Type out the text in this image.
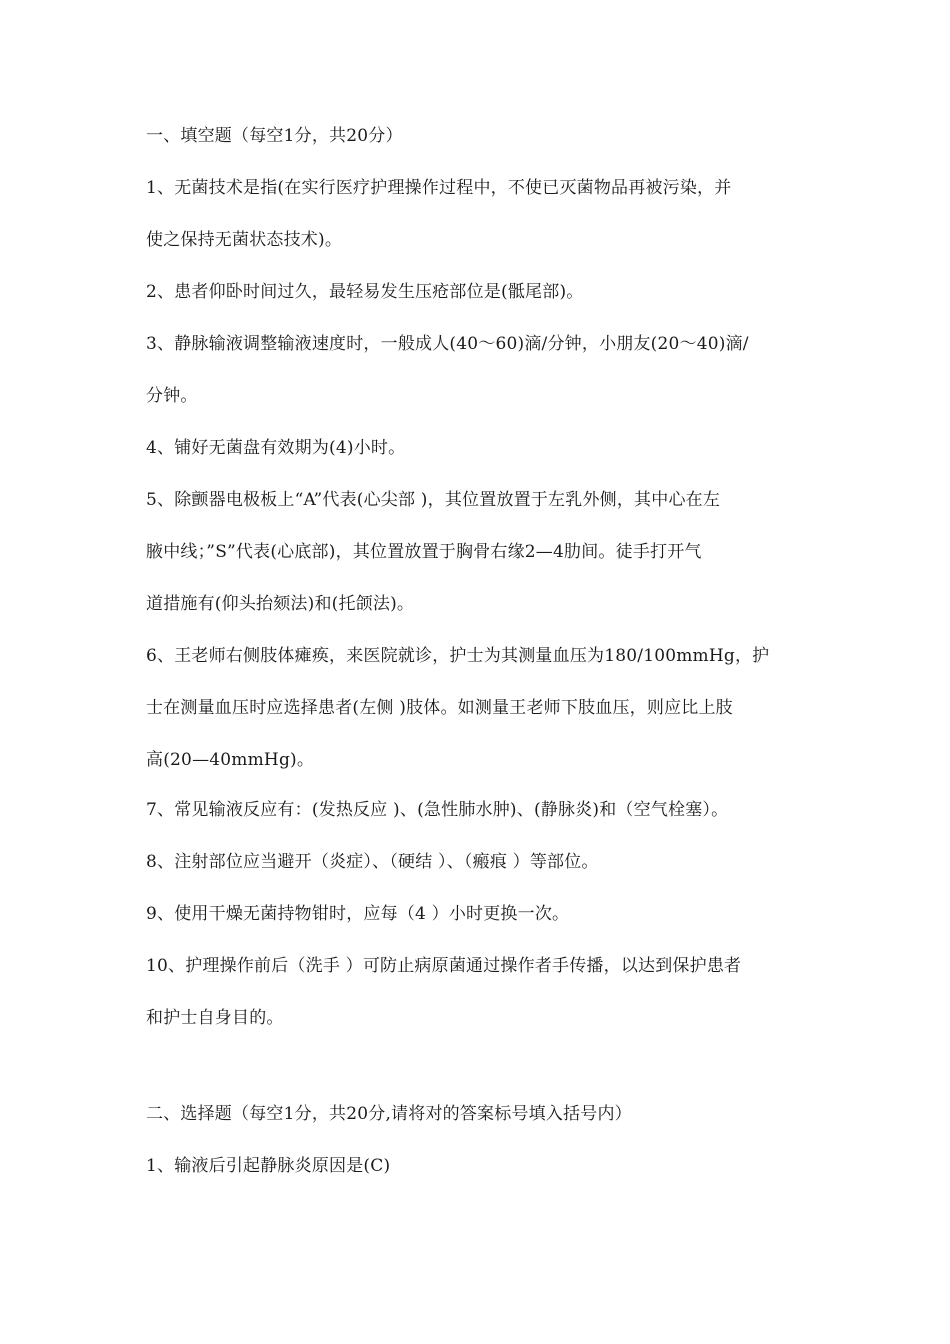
一、填空题（每空1分，共20分）
1、无菌技术是指(在实行医疗护理操作过程中，不使已灭菌物品再被污染，并
使之保持无菌状态技术)。
2、患者仰卧时间过久，最轻易发生压疮部位是(骶尾部)。
3、静脉输液调整输液速度时，一般成人(40～60)滴/分钟，小朋友(20～40)滴/
分钟。
4、铺好无菌盘有效期为(4)小时。
5、除颤器电极板上“A”代表(心尖部 )，其位置放置于左乳外侧，其中心在左
腋中线；”S”代表(心底部)，其位置放置于胸骨右缘2—4肋间。徒手打开气
道措施有(仰头抬颏法)和(托颌法)。
6、王老师右侧肢体瘫痪，来医院就诊，护士为其测量血压为180/100mmHg，护
士在测量血压时应选择患者(左侧 )肢体。如测量王老师下肢血压，则应比上肢
高(20—40mmHg)。
7、常见输液反应有：(发热反应 )、(急性肺水肿)、(静脉炎)和（空气栓塞）。
8、注射部位应当避开（炎症）、（硬结 ）、（瘢痕 ）等部位。
9、使用干燥无菌持物钳时，应每（4 ）小时更换一次。
10、护理操作前后（洗手 ）可防止病原菌通过操作者手传播，以达到保护患者
和护士自身目的。
二、选择题（每空1分，共20分,请将对的答案标号填入括号内）
1、输液后引起静脉炎原因是(C)
